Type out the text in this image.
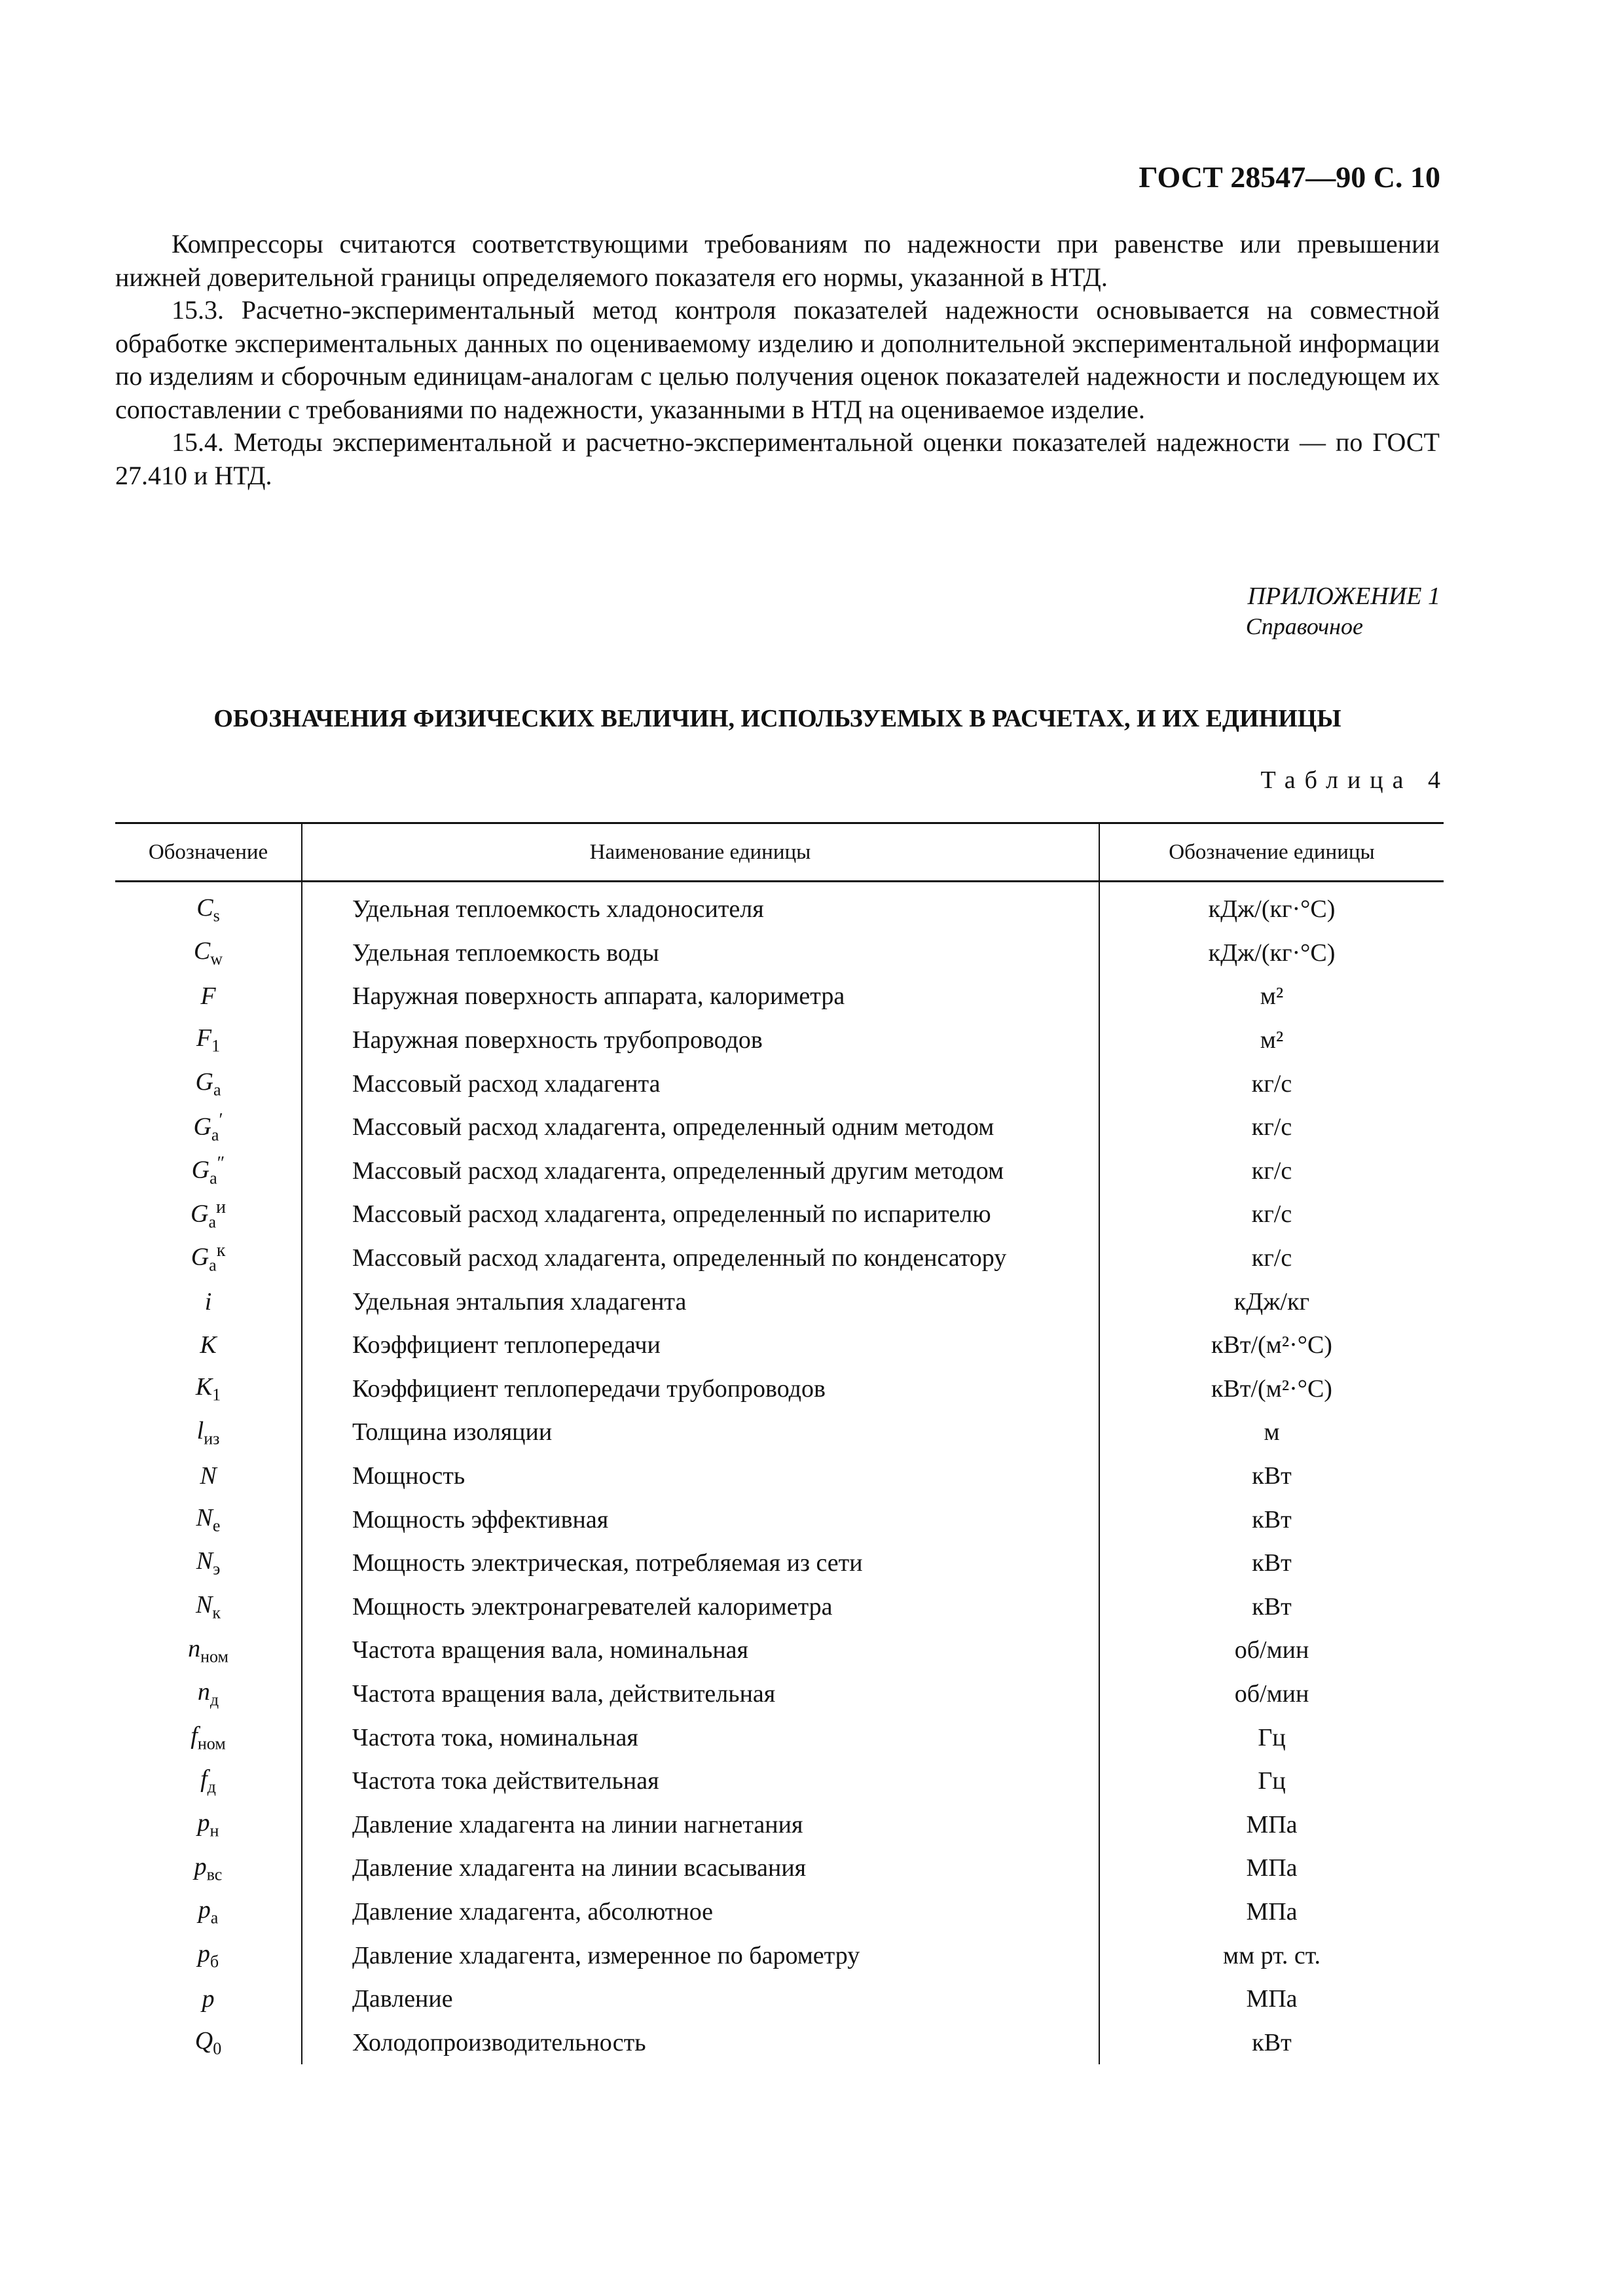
ГОСТ 28547—90 С. 10

Компрессоры считаются соответствующими требованиям по надежности при равенстве или превышении нижней доверительной границы определяемого показателя его нормы, указанной в НТД.

15.3. Расчетно-экспериментальный метод контроля показателей надежности основывается на совместной обработке экспериментальных данных по оцениваемому изделию и дополнительной экспериментальной информации по изделиям и сборочным единицам-аналогам с целью получения оценок показателей надежности и последующем их сопоставлении с требованиями по надежности, указанными в НТД на оцениваемое изделие.

15.4. Методы экспериментальной и расчетно-экспериментальной оценки показателей надежности — по ГОСТ 27.410 и НТД.

ПРИЛОЖЕНИЕ 1
Справочное
ОБОЗНАЧЕНИЯ ФИЗИЧЕСКИХ ВЕЛИЧИН, ИСПОЛЬЗУЕМЫХ В РАСЧЕТАХ, И ИХ ЕДИНИЦЫ
Таблица 4
Обозначение	Наименование единицы	Обозначение единицы
$C_s$	Удельная теплоемкость хладоносителя	кДж/(кг·°С)
$C_w$	Удельная теплоемкость воды	кДж/(кг·°С)
F	Наружная поверхность аппарата, калориметра	м²
$F_1$	Наружная поверхность трубопроводов	м²
$G_a$	Массовый расход хладагента	кг/с
$G_a'$	Массовый расход хладагента, определенный одним методом	кг/с
$G_a''$	Массовый расход хладагента, определенный другим методом	кг/с
$G_a^и$	Массовый расход хладагента, определенный по испарителю	кг/с
$G_a^к$	Массовый расход хладагента, определенный по конденсатору	кг/с
i	Удельная энтальпия хладагента	кДж/кг
K	Коэффициент теплопередачи	кВт/(м²·°С)
$K_1$	Коэффициент теплопередачи трубопроводов	кВт/(м²·°С)
$l_{из}$	Толщина изоляции	м
N	Мощность	кВт
$N_e$	Мощность эффективная	кВт
$N_э$	Мощность электрическая, потребляемая из сети	кВт
$N_к$	Мощность электронагревателей калориметра	кВт
$n_{ном}$	Частота вращения вала, номинальная	об/мин
$n_д$	Частота вращения вала, действительная	об/мин
$f_{ном}$	Частота тока, номинальная	Гц
$f_д$	Частота тока действительная	Гц
$p_н$	Давление хладагента на линии нагнетания	МПа
$p_{вс}$	Давление хладагента на линии всасывания	МПа
$p_a$	Давление хладагента, абсолютное	МПа
$p_б$	Давление хладагента, измеренное по барометру	мм рт. ст.
p	Давление	МПа
$Q_0$	Холодопроизводительность	кВт
